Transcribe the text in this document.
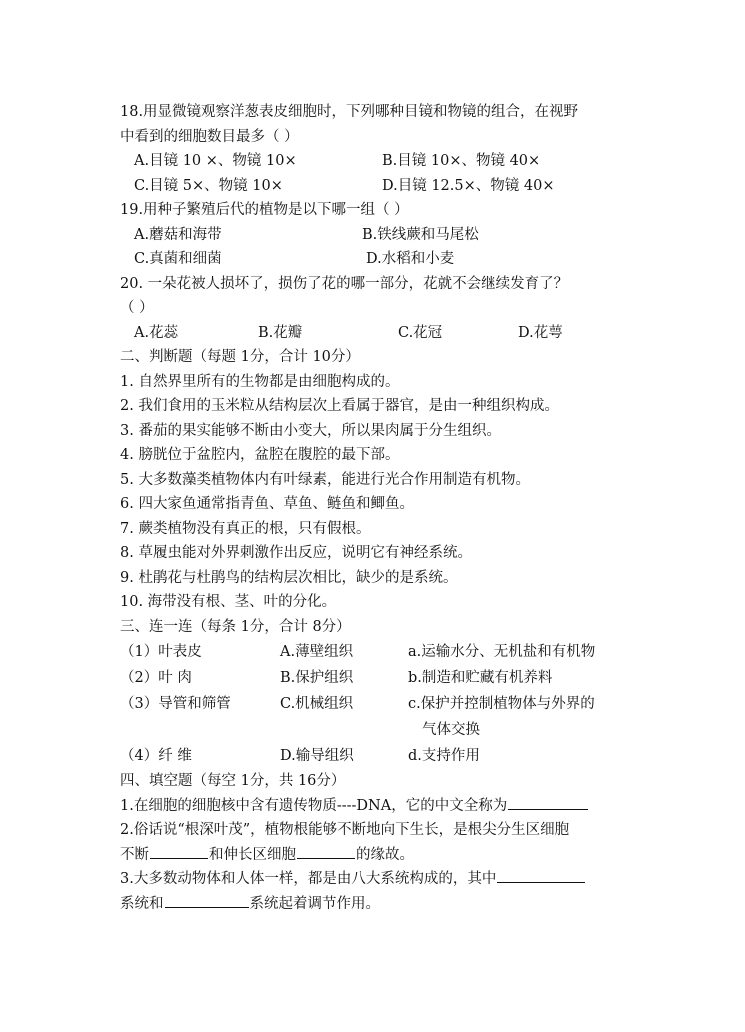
18.用显微镜观察洋葱表皮细胞时，下列哪种目镜和物镜的组合，在视野
中看到的细胞数目最多（ ）
A.目镜 10 ×、物镜 10×	B.目镜 10×、物镜 40×
C.目镜 5×、物镜 10×	D.目镜 12.5×、物镜 40×
19.用种子繁殖后代的植物是以下哪一组（ ）
A.蘑菇和海带	B.铁线蕨和马尾松
C.真菌和细菌	D.水稻和小麦
20. 一朵花被人损坏了，损伤了花的哪一部分，花就不会继续发育了？
（ ）
A.花蕊	B.花瓣	C.花冠	D.花萼
二、判断题（每题 1分，合计 10分）
1. 自然界里所有的生物都是由细胞构成的。
2. 我们食用的玉米粒从结构层次上看属于器官，是由一种组织构成。
3. 番茄的果实能够不断由小变大，所以果肉属于分生组织。
4. 膀胱位于盆腔内，盆腔在腹腔的最下部。
5. 大多数藻类植物体内有叶绿素，能进行光合作用制造有机物。
6. 四大家鱼通常指青鱼、草鱼、鲢鱼和鲫鱼。
7. 蕨类植物没有真正的根，只有假根。
8. 草履虫能对外界刺激作出反应，说明它有神经系统。
9. 杜鹃花与杜鹃鸟的结构层次相比，缺少的是系统。
10. 海带没有根、茎、叶的分化。
三、连一连（每条 1分，合计 8分）
（1）叶表皮	A.薄壁组织	a.运输水分、无机盐和有机物
（2）叶 肉	B.保护组织	b.制造和贮藏有机养料
（3）导管和筛管	C.机械组织	c.保护并控制植物体与外界的
气体交换
（4）纤 维	D.输导组织	d.支持作用
四、填空题（每空 1分，共 16分）
1.在细胞的细胞核中含有遗传物质----DNA，它的中文全称为
2.俗话说“根深叶茂”，植物根能够不断地向下生长，是根尖分生区细胞
不断	和伸长区细胞	的缘故。
3.大多数动物体和人体一样，都是由八大系统构成的，其中
系统和	系统起着调节作用。
